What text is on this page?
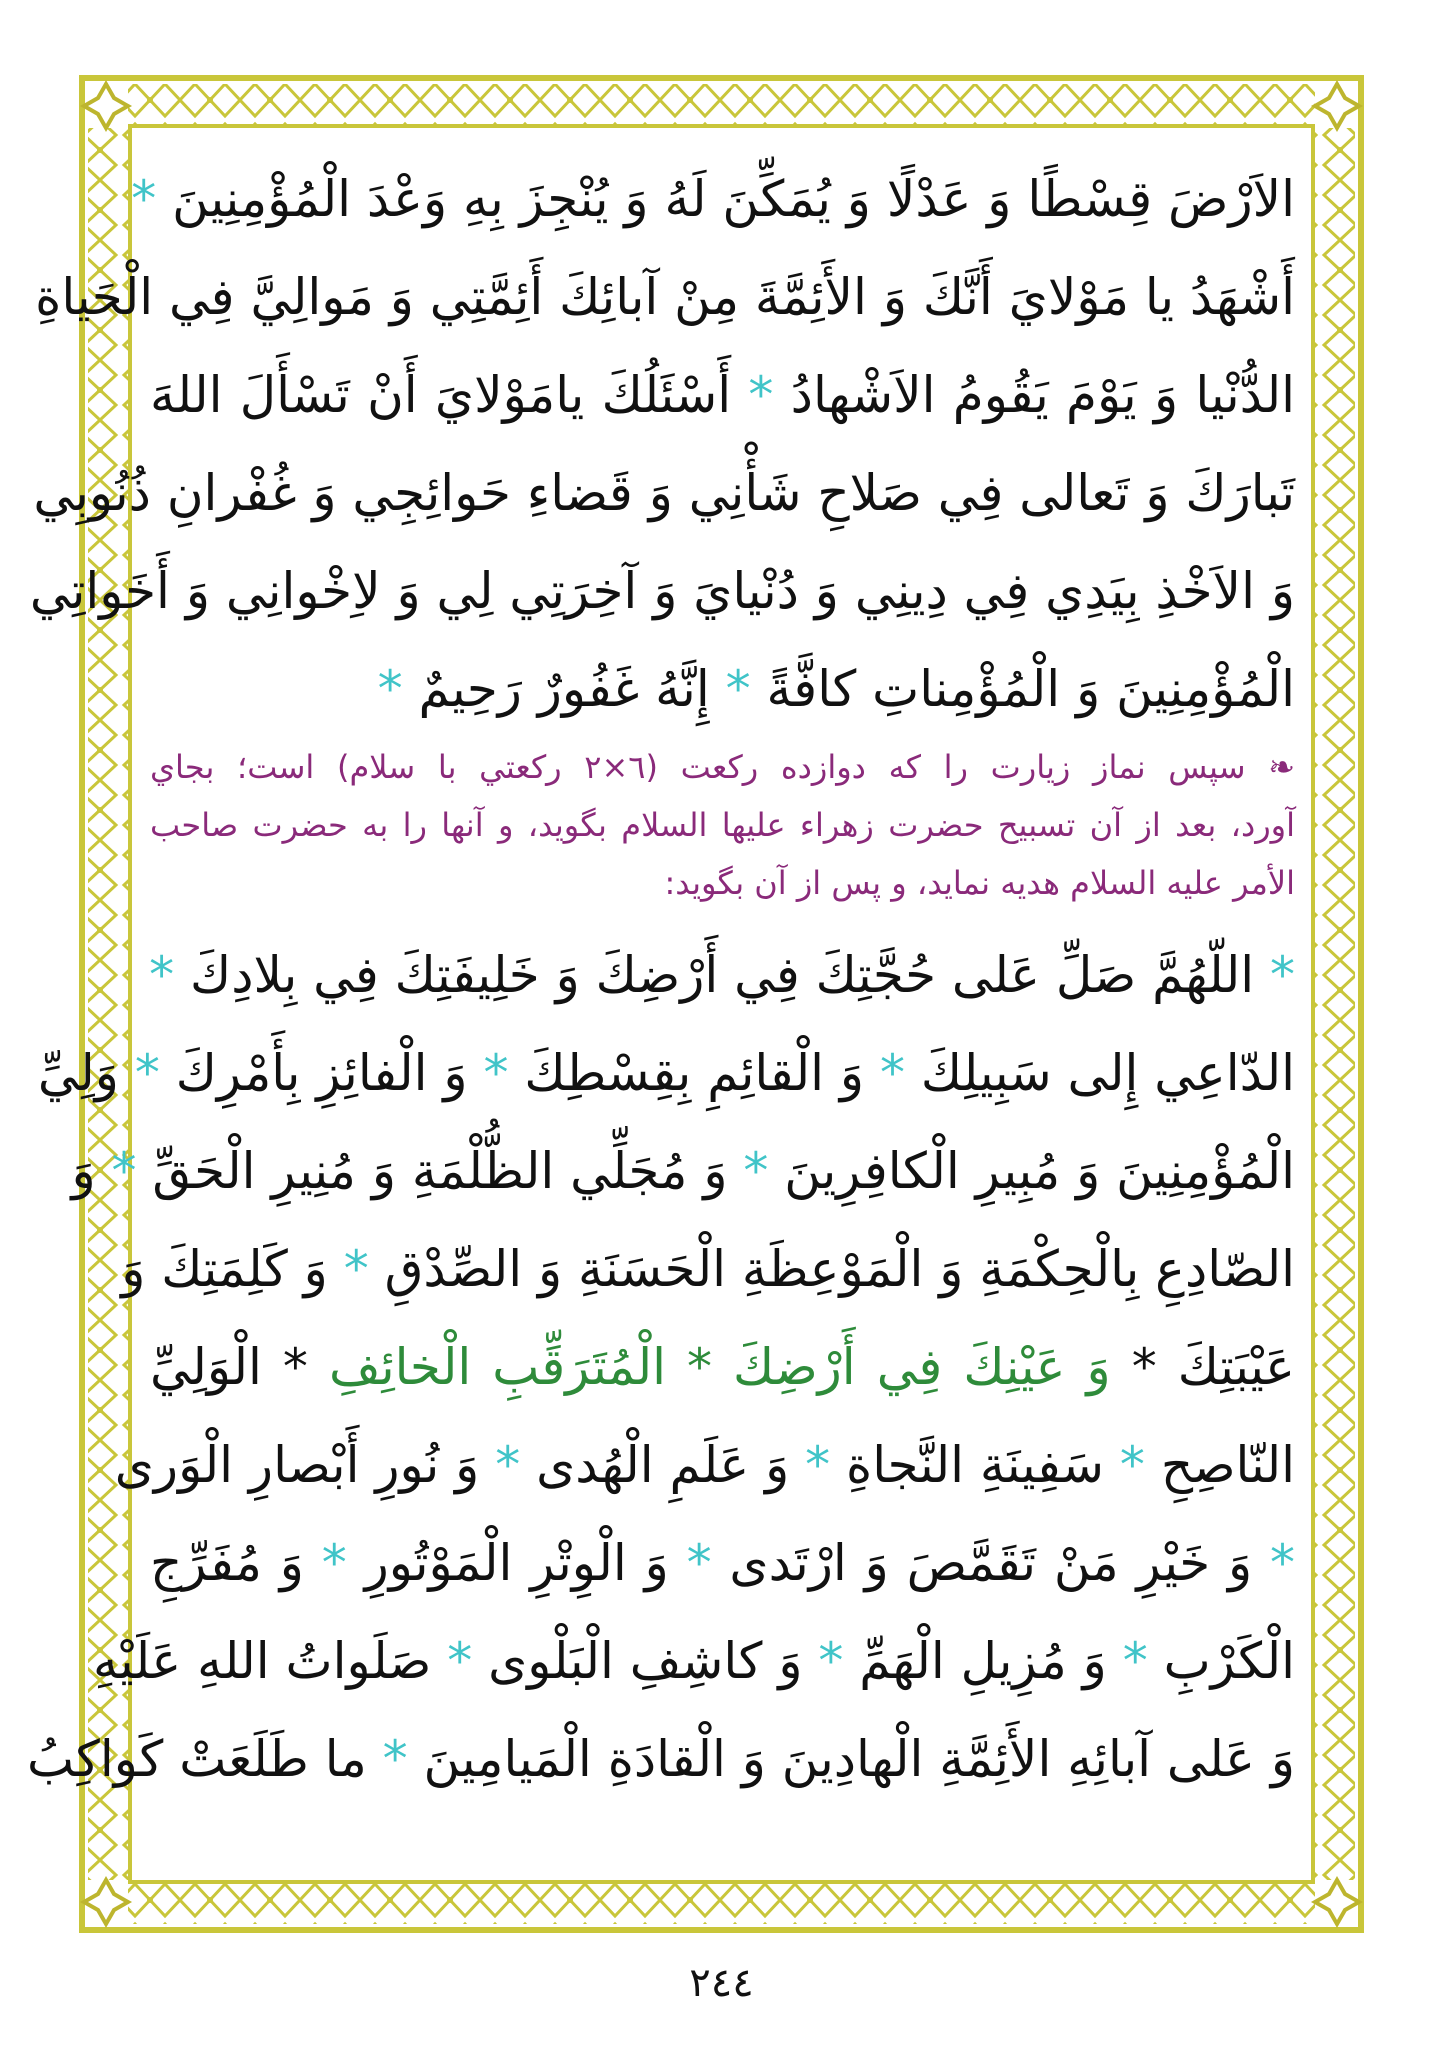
الاَرْضَ قِسْطًا وَ عَدْلًا وَ يُمَكِّنَ لَهُ وَ يُنْجِزَ بِهِ وَعْدَ الْمُؤْمِنِينَ *
أَشْهَدُ يا مَوْلايَ أَنَّكَ وَ الأَئِمَّةَ مِنْ آبائِكَ أَئِمَّتِي وَ مَوالِيَّ فِي الْحَياةِ
الدُّنْيا وَ يَوْمَ يَقُومُ الاَشْهادُ * أَسْئَلُكَ يامَوْلايَ أَنْ تَسْأَلَ اللهَ
تَبارَكَ وَ تَعالى فِي صَلاحِ شَأْنِي وَ قَضاءِ حَوائِجِي وَ غُفْرانِ ذُنُوبِي
وَ الاَخْذِ بِيَدِي فِي دِينِي وَ دُنْيايَ وَ آخِرَتِي لِي وَ لاِخْوانِي وَ أَخَواتِي
الْمُؤْمِنِينَ وَ الْمُؤْمِناتِ كافَّةً * إِنَّهُ غَفُورٌ رَحِيمٌ *
❧ سپس نماز زيارت را كه دوازده ركعت (٦×٢ ركعتي با سلام) است؛ بجاي
آورد، بعد از آن تسبيح حضرت زهراء عليها السلام بگويد، و آنها را به حضرت صاحب
الأمر عليه السلام هديه نمايد، و پس از آن بگويد:
* اللّهُمَّ صَلِّ عَلى حُجَّتِكَ فِي أَرْضِكَ وَ خَلِيفَتِكَ فِي بِلادِكَ *
الدّاعِي إِلى سَبِيلِكَ * وَ الْقائِمِ بِقِسْطِكَ * وَ الْفائِزِ بِأَمْرِكَ * وَلِيِّ
الْمُؤْمِنِينَ وَ مُبِيرِ الْكافِرِينَ * وَ مُجَلِّي الظُّلْمَةِ وَ مُنِيرِ الْحَقِّ * وَ
الصّادِعِ بِالْحِكْمَةِ وَ الْمَوْعِظَةِ الْحَسَنَةِ وَ الصِّدْقِ * وَ كَلِمَتِكَ وَ
عَيْبَتِكَ * وَ عَيْنِكَ فِي أَرْضِكَ * الْمُتَرَقِّبِ الْخائِفِ * الْوَلِيِّ
النّاصِحِ * سَفِينَةِ النَّجاةِ * وَ عَلَمِ الْهُدى * وَ نُورِ أَبْصارِ الْوَرى
* وَ خَيْرِ مَنْ تَقَمَّصَ وَ ارْتَدى * وَ الْوِتْرِ الْمَوْتُورِ * وَ مُفَرِّجِ
الْكَرْبِ * وَ مُزِيلِ الْهَمِّ * وَ كاشِفِ الْبَلْوى * صَلَواتُ اللهِ عَلَيْهِ
وَ عَلى آبائِهِ الأَئِمَّةِ الْهادِينَ وَ الْقادَةِ الْمَيامِينَ * ما طَلَعَتْ كَواكِبُ
٢٤٤
